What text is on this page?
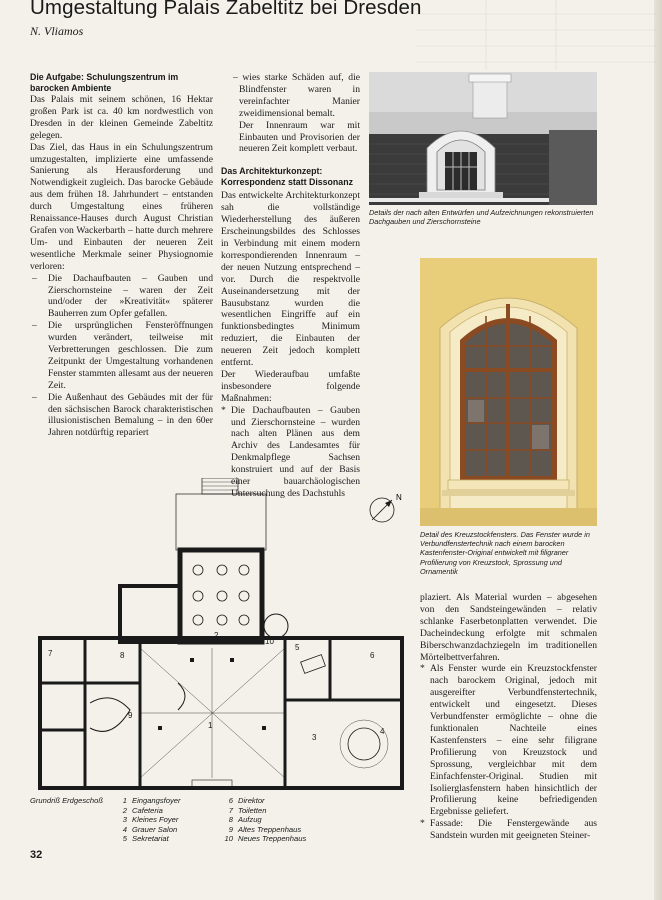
Umgestaltung Palais Zabeltitz bei Dresden
N. Vliamos
Die Aufgabe: Schulungszentrum im barocken Ambiente

Das Palais mit seinem schönen, 16 Hektar großen Park ist ca. 40 km nordwestlich von Dresden in der kleinen Gemeinde Zabeltitz gelegen.

Das Ziel, das Haus in ein Schulungszentrum umzugestalten, implizierte eine umfassende Sanierung als Herausforderung und Notwendigkeit zugleich. Das barocke Gebäude aus dem frühen 18. Jahrhundert – entstanden durch Umgestaltung eines früheren Renaissance-Hauses durch August Christian Grafen von Wackerbarth – hatte durch mehrere Um- und Einbauten der neueren Zeit wesentliche Merkmale seiner Physiognomie verloren:

– Die Dachaufbauten – Gauben und Zierschornsteine – waren der Zeit und/oder der »Kreativität« späterer Bauherren zum Opfer gefallen.
– Die ursprünglichen Fensteröffnungen wurden verändert, teilweise mit Verbretterungen geschlossen. Die zum Zeitpunkt der Umgestaltung vorhandenen Fenster stammten allesamt aus der neueren Zeit.
– Die Außenhaut des Gebäudes mit der für den sächsischen Barock charakteristischen illusionistischen Bemalung – in den 60er Jahren notdürftig repariert

– wies starke Schäden auf, die Blindfenster waren in vereinfachter Manier zweidimensional bemalt.

Der Innenraum war mit Einbauten und Provisorien der neueren Zeit komplett verbaut.

Das Architekturkonzept: Korrespondenz statt Dissonanz

Das entwickelte Architekturkonzept sah die vollständige Wiederherstellung des äußeren Erscheinungsbildes des Schlosses in Verbindung mit einem modern korrespondierenden Innenraum – der neuen Nutzung entsprechend – vor. Durch die respektvolle Auseinandersetzung mit der Bausubstanz wurden die wesentlichen Eingriffe auf ein funktionsbedingtes Minimum reduziert, die Einbauten der neueren Zeit jedoch komplett entfernt.

Der Wiederaufbau umfaßte insbesondere folgende Maßnahmen:

* Die Dachaufbauten – Gauben und Zierschornsteine – wurden nach alten Plänen aus dem Archiv des Landesamtes für Denkmalpflege Sachsen konstruiert und auf der Basis einer bauarchäologischen Untersuchung des Dachstuhls
Details der nach alten Entwürfen und Aufzeichnungen rekonstruierten Dachgauben und Zierschornsteine
Detail des Kreuzstockfensters. Das Fenster wurde in Verbundfenstertechnik nach einem barocken Kastenfenster-Original entwickelt mit filigraner Profilierung von Kreuzstock, Sprossung und Ornamentik
N
1
2
3
4
5
6
7	8
9
10
Grundriß Erdgeschoß	1 Eingangsfoyer
2 Cafeteria
3 Kleines Foyer
4 Grauer Salon
5 Sekretariat
6 Direktor
7 Toiletten
8 Aufzug
9 Altes Treppenhaus
10 Neues Treppenhaus

plaziert. Als Material wurden – abgesehen von den Sandsteingewänden – relativ schlanke Faserbetonplatten verwendet. Die Dacheindeckung erfolgte mit schmalen Biberschwanzdachziegeln im traditionellen Mörtelbettverfahren.

* Als Fenster wurde ein Kreuzstockfenster nach barockem Original, jedoch mit ausgereifter Verbundfenstertechnik, entwickelt und eingesetzt. Dieses Verbundfenster ermöglichte – ohne die funktionalen Nachteile eines Kastenfensters – eine sehr filigrane Profilierung von Kreuzstock und Sprossung, vergleichbar mit dem Einfachfenster-Original. Studien mit Isolierglasfenstern haben hinsichtlich der Profilierung keine befriedigenden Ergebnisse geliefert.
* Fassade: Die Fenstergewände aus Sandstein wurden mit geeigneten Steiner-
32
